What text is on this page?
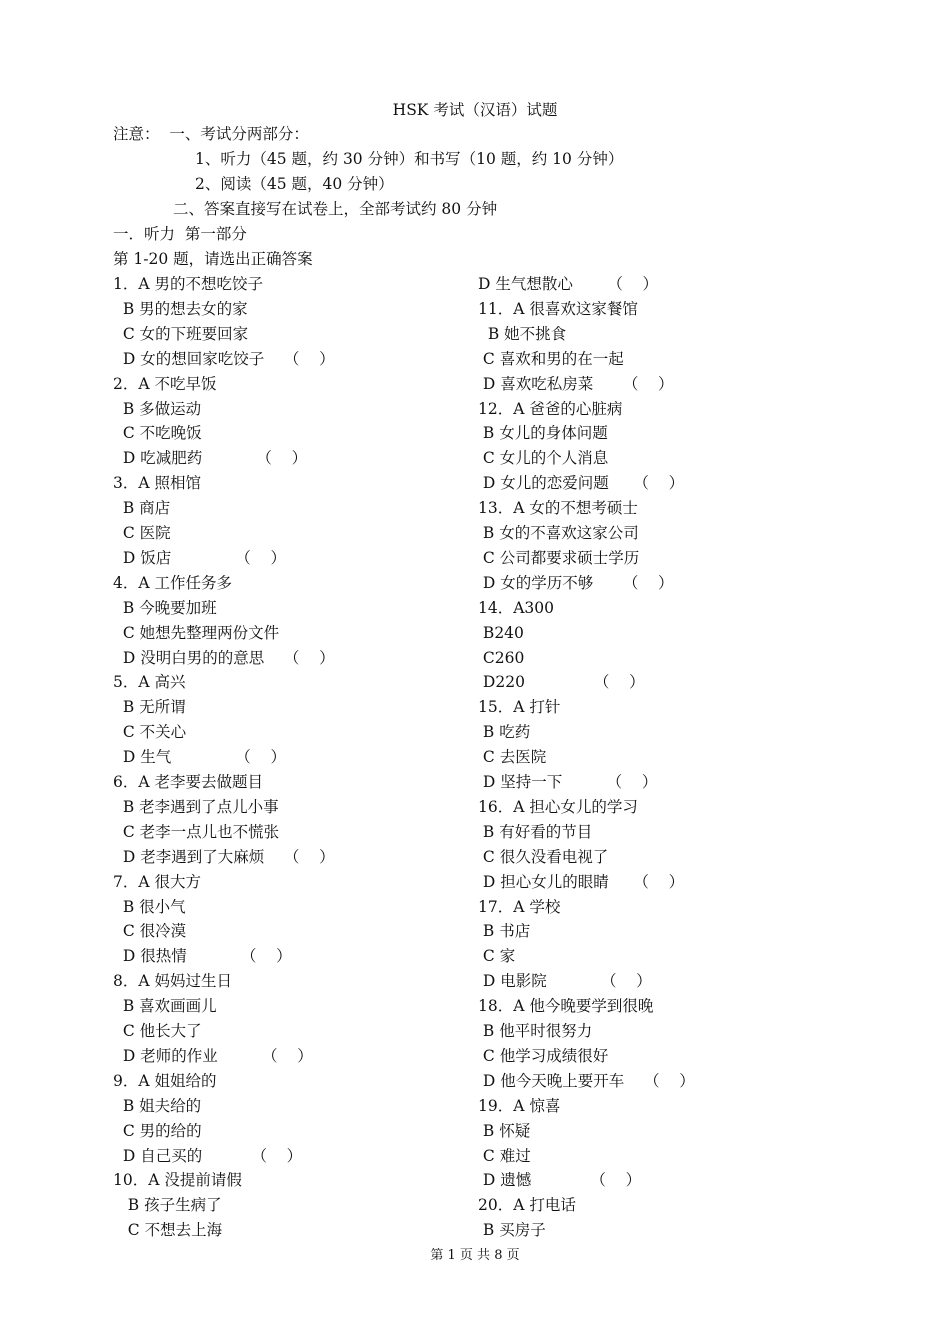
HSK 考试（汉语）试题
注意：  一、考试分两部分：
1、听力（45 题，约 30 分钟）和书写（10 题，约 10 分钟）
2、阅读（45 题，40 分钟）
二、答案直接写在试卷上，全部考试约 80 分钟
一．听力  第一部分
第 1-20 题，请选出正确答案
1．A 男的不想吃饺子
B 男的想去女的家
C 女的下班要回家
D 女的想回家吃饺子    （    ）
2．A 不吃早饭
B 多做运动
C 不吃晚饭
D 吃减肥药           （    ）
3．A 照相馆
B 商店
C 医院
D 饭店             （    ）
4．A 工作任务多
B 今晚要加班
C 她想先整理两份文件
D 没明白男的的意思    （    ）
5．A 高兴
B 无所谓
C 不关心
D 生气             （    ）
6．A 老李要去做题目
B 老李遇到了点儿小事
C 老李一点儿也不慌张
D 老李遇到了大麻烦    （    ）
7．A 很大方
B 很小气
C 很冷漠
D 很热情           （    ）
8．A 妈妈过生日
B 喜欢画画儿
C 他长大了
D 老师的作业         （    ）
9．A 姐姐给的
B 姐夫给的
C 男的给的
D 自己买的          （    ）
10．A 没提前请假
B 孩子生病了
C 不想去上海
D 生气想散心       （    ）
11．A 很喜欢这家餐馆
B 她不挑食
C 喜欢和男的在一起
D 喜欢吃私房菜      （    ）
12．A 爸爸的心脏病
B 女儿的身体问题
C 女儿的个人消息
D 女儿的恋爱问题     （    ）
13．A 女的不想考硕士
B 女的不喜欢这家公司
C 公司都要求硕士学历
D 女的学历不够      （    ）
14．A300
B240
C260
D220              （    ）
15．A 打针
B 吃药
C 去医院
D 坚持一下         （    ）
16．A 担心女儿的学习
B 有好看的节目
C 很久没看电视了
D 担心女儿的眼睛     （    ）
17．A 学校
B 书店
C 家
D 电影院           （    ）
18．A 他今晚要学到很晚
B 他平时很努力
C 他学习成绩很好
D 他今天晚上要开车    （    ）
19．A 惊喜
B 怀疑
C 难过
D 遗憾            （    ）
20．A 打电话
B 买房子
第 1 页 共 8 页
